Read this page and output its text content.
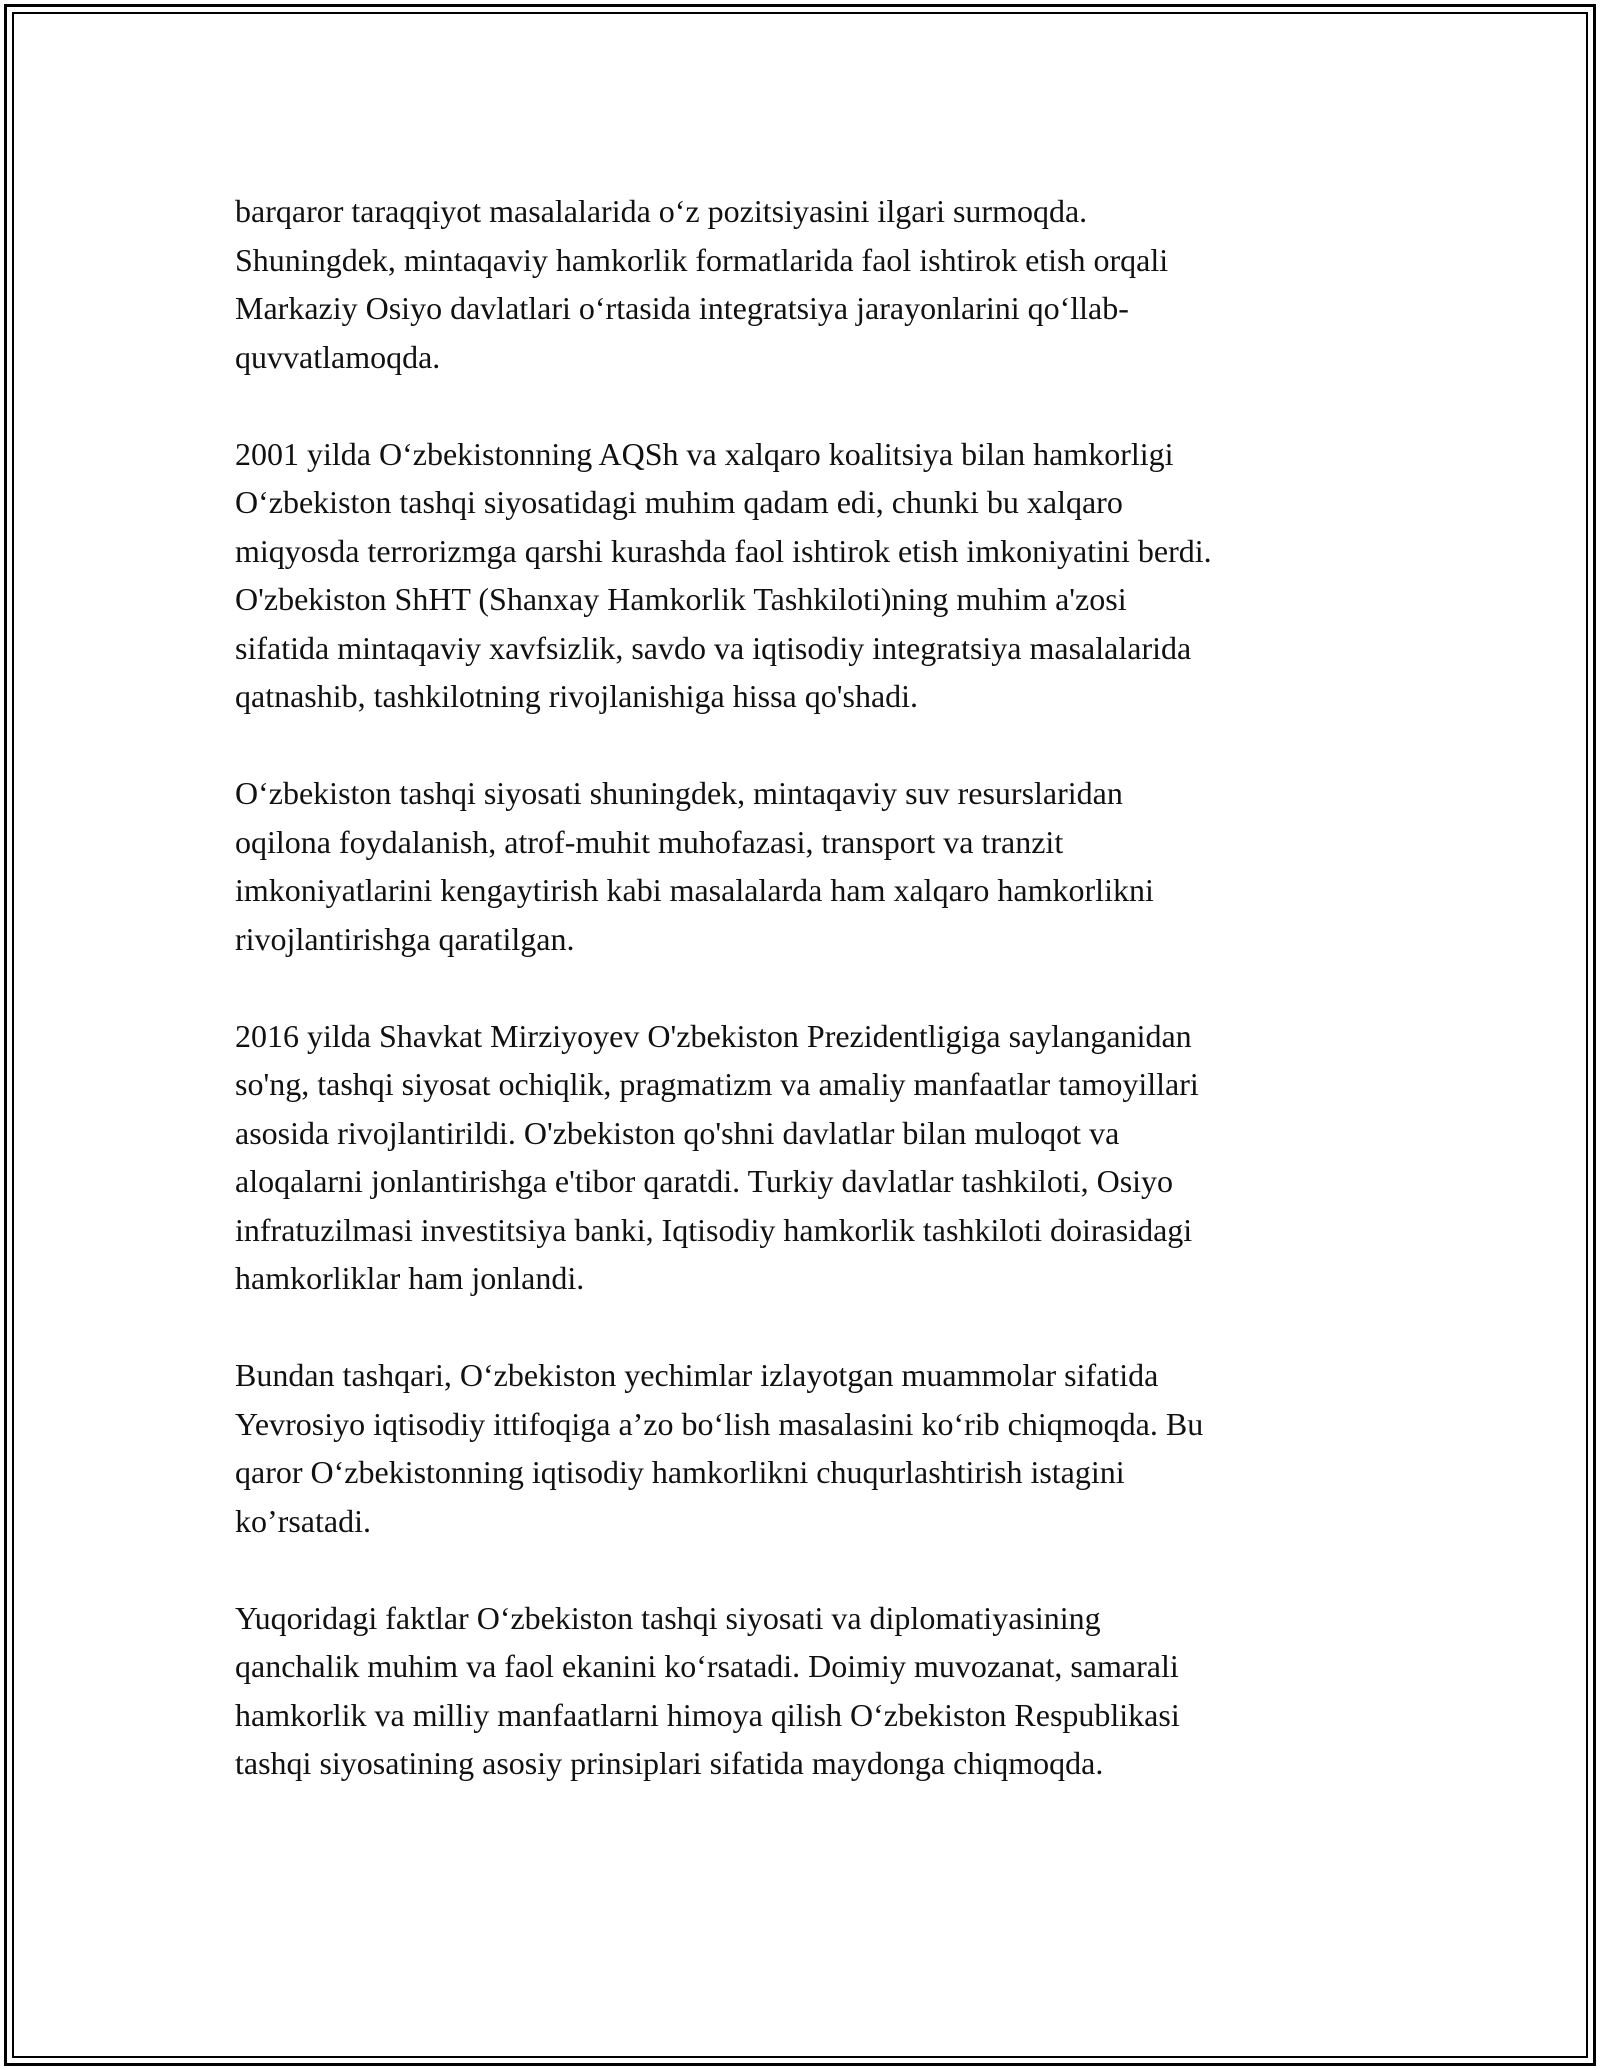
barqaror taraqqiyot masalalarida o‘z pozitsiyasini ilgari surmoqda.
Shuningdek, mintaqaviy hamkorlik formatlarida faol ishtirok etish orqali
Markaziy Osiyo davlatlari o‘rtasida integratsiya jarayonlarini qo‘llab-
quvvatlamoqda.

2001 yilda O‘zbekistonning AQSh va xalqaro koalitsiya bilan hamkorligi
O‘zbekiston tashqi siyosatidagi muhim qadam edi, chunki bu xalqaro
miqyosda terrorizmga qarshi kurashda faol ishtirok etish imkoniyatini berdi.
O'zbekiston ShHT (Shanxay Hamkorlik Tashkiloti)ning muhim a'zosi
sifatida mintaqaviy xavfsizlik, savdo va iqtisodiy integratsiya masalalarida
qatnashib, tashkilotning rivojlanishiga hissa qo'shadi.

O‘zbekiston tashqi siyosati shuningdek, mintaqaviy suv resurslaridan
oqilona foydalanish, atrof-muhit muhofazasi, transport va tranzit
imkoniyatlarini kengaytirish kabi masalalarda ham xalqaro hamkorlikni
rivojlantirishga qaratilgan.

2016 yilda Shavkat Mirziyoyev O'zbekiston Prezidentligiga saylanganidan
so'ng, tashqi siyosat ochiqlik, pragmatizm va amaliy manfaatlar tamoyillari
asosida rivojlantirildi. O'zbekiston qo'shni davlatlar bilan muloqot va
aloqalarni jonlantirishga e'tibor qaratdi. Turkiy davlatlar tashkiloti, Osiyo
infratuzilmasi investitsiya banki, Iqtisodiy hamkorlik tashkiloti doirasidagi
hamkorliklar ham jonlandi.

Bundan tashqari, O‘zbekiston yechimlar izlayotgan muammolar sifatida
Yevrosiyo iqtisodiy ittifoqiga a’zo bo‘lish masalasini ko‘rib chiqmoqda. Bu
qaror O‘zbekistonning iqtisodiy hamkorlikni chuqurlashtirish istagini
ko’rsatadi.

Yuqoridagi faktlar O‘zbekiston tashqi siyosati va diplomatiyasining
qanchalik muhim va faol ekanini ko‘rsatadi. Doimiy muvozanat, samarali
hamkorlik va milliy manfaatlarni himoya qilish O‘zbekiston Respublikasi
tashqi siyosatining asosiy prinsiplari sifatida maydonga chiqmoqda.
